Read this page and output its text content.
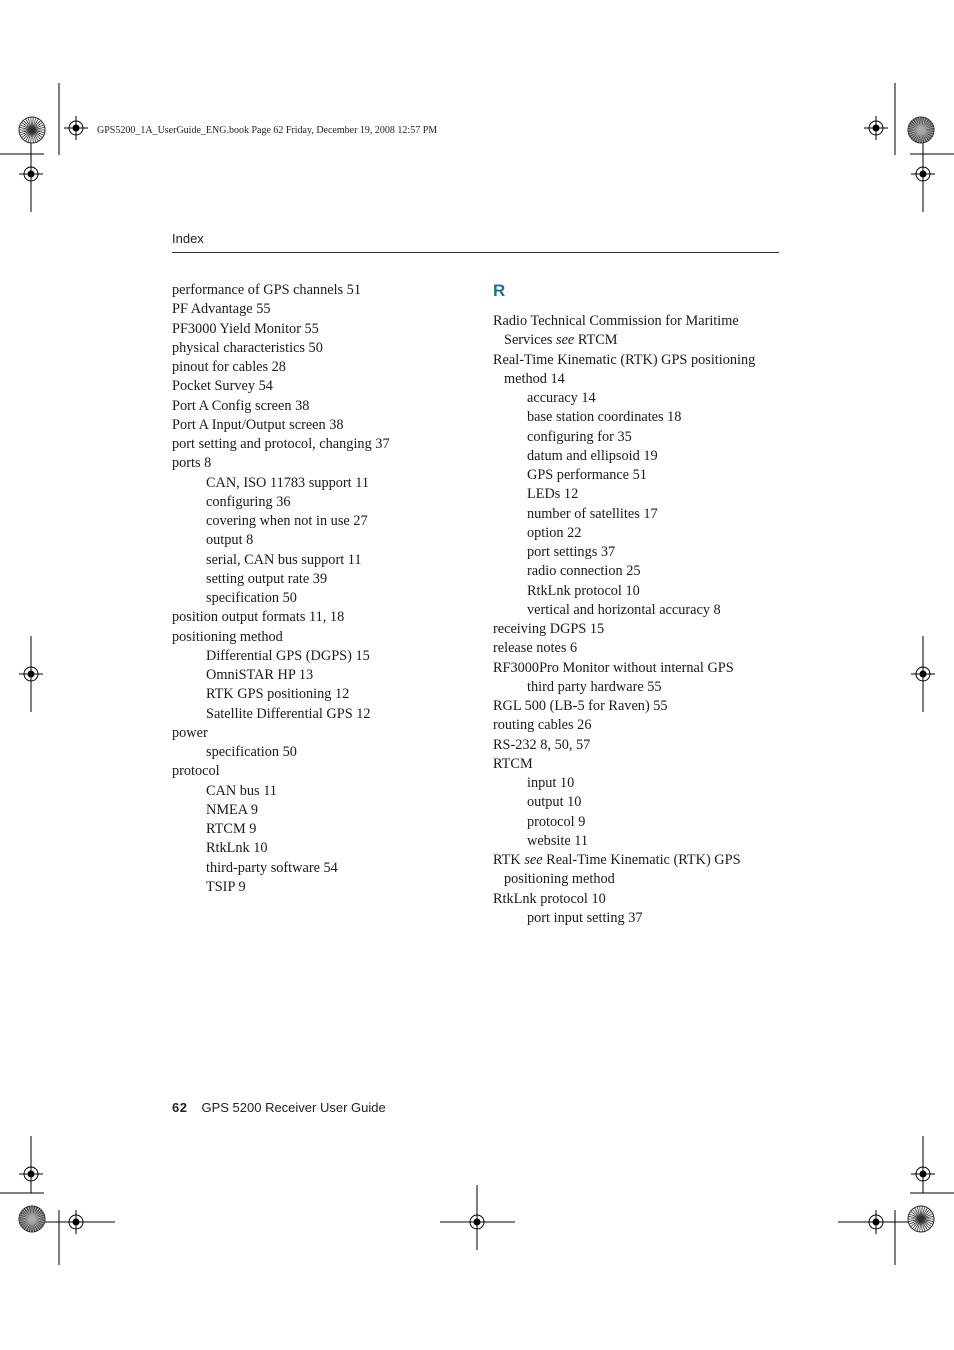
GPS5200_1A_UserGuide_ENG.book Page 62 Friday, December 19, 2008 12:57 PM
Index
performance of GPS channels 51
PF Advantage 55
PF3000 Yield Monitor 55
physical characteristics 50
pinout for cables 28
Pocket Survey 54
Port A Config screen 38
Port A Input/Output screen 38
port setting and protocol, changing 37
ports 8
CAN, ISO 11783 support 11
configuring 36
covering when not in use 27
output 8
serial, CAN bus support 11
setting output rate 39
specification 50
position output formats 11, 18
positioning method
Differential GPS (DGPS) 15
OmniSTAR HP 13
RTK GPS positioning 12
Satellite Differential GPS 12
power
specification 50
protocol
CAN bus 11
NMEA 9
RTCM 9
RtkLnk 10
third-party software 54
TSIP 9
R
Radio Technical Commission for Maritime
Services see RTCM
Real-Time Kinematic (RTK) GPS positioning
method 14
accuracy 14
base station coordinates 18
configuring for 35
datum and ellipsoid 19
GPS performance 51
LEDs 12
number of satellites 17
option 22
port settings 37
radio connection 25
RtkLnk protocol 10
vertical and horizontal accuracy 8
receiving DGPS 15
release notes 6
RF3000Pro Monitor without internal GPS
third party hardware 55
RGL 500 (LB-5 for Raven) 55
routing cables 26
RS-232 8, 50, 57
RTCM
input 10
output 10
protocol 9
website 11
RTK see Real-Time Kinematic (RTK) GPS
positioning method
RtkLnk protocol 10
port input setting 37
62 GPS 5200 Receiver User Guide
